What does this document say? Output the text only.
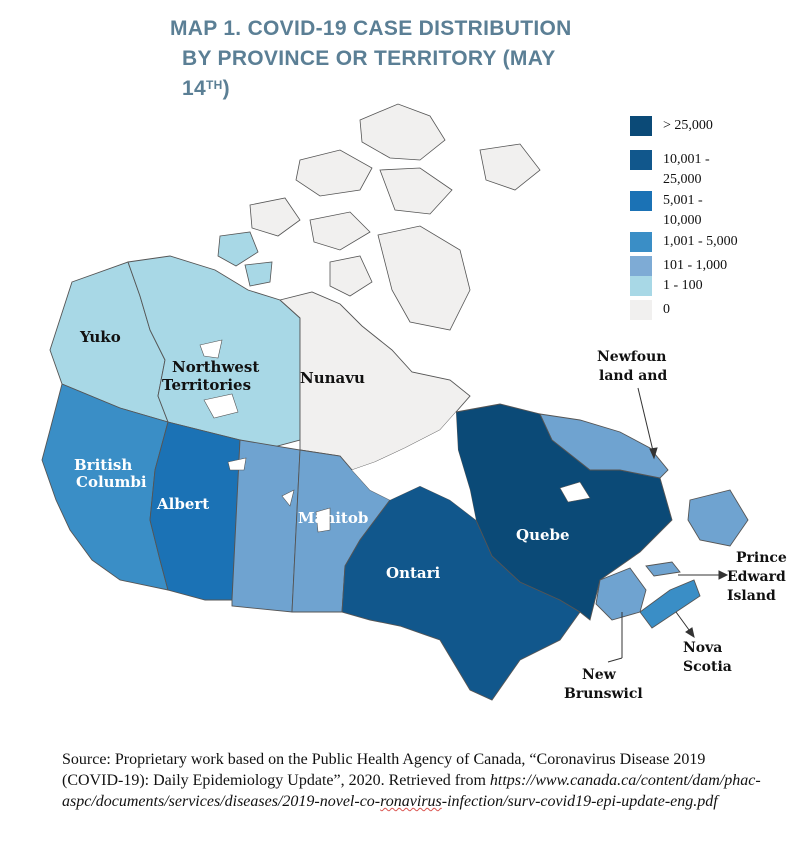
MAP 1. COVID-19 CASE DISTRIBUTION
BY PROVINCE OR TERRITORY (MAY
14TH)
Yuko
Northwest
Territories	Nunavu
British
Columbi
Albert
Manitob
Ontari
Quebe
Newfoun
land and
Prince
Edward
Island
Nova
Scotia
New
Brunswicl
> 25,000
10,001 -
25,000
5,001 -
10,000
1,001 - 5,000
101 - 1,000
1 - 100
0
Source: Proprietary work based on the Public Health Agency of Canada, “Coronavirus Disease 2019 (COVID-19): Daily Epidemiology Update”, 2020. Retrieved from https://www.canada.ca/content/dam/phac-aspc/documents/services/diseases/2019-novel-co-ronavirus-infection/surv-covid19-epi-update-eng.pdf
